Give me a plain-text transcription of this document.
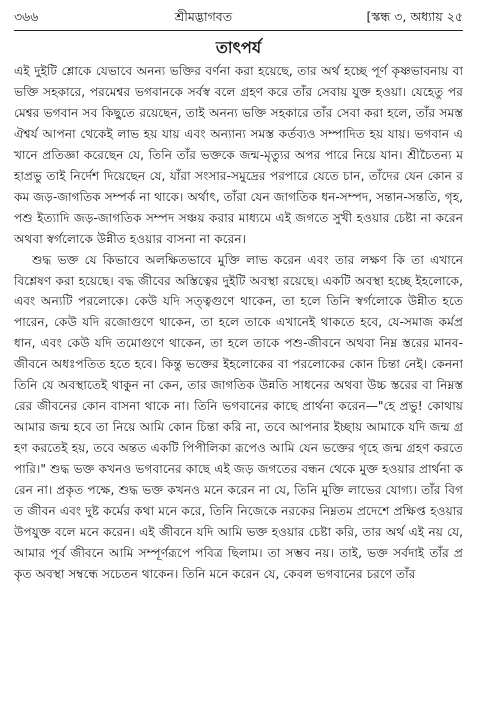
৩৬৬	শ্রীমদ্ভাগবত	[স্কন্ধ ৩, অধ্যায় ২৫
তাৎপর্য

এই দুইটি শ্লোকে যেভাবে অনন্য ভক্তির বর্ণনা করা হয়েছে, তার অর্থ হচ্ছে পূর্ণ কৃষ্ণভাবনায় বা ভক্তি সহকারে, পরমেশ্বর ভগবানকে সর্বস্ব বলে গ্রহণ করে তাঁর সেবায় যুক্ত হওয়া। যেহেতু পরমেশ্বর ভগবান সব কিছুতে রয়েছেন, তাই অনন্য ভক্তি সহকারে তাঁর সেবা করা হলে, তাঁর সমস্ত ঐশ্বর্য আপনা থেকেই লাভ হয় যায় এবং অন্যান্য সমস্ত কর্তব্যও সম্পাদিত হয় যায়। ভগবান এখানে প্রতিজ্ঞা করেছেন যে, তিনি তাঁর ভক্তকে জন্ম-মৃত্যুর অপর পারে নিয়ে যান। শ্রীচৈতন্য মহাপ্রভু তাই নির্দেশ দিয়েছেন যে, যাঁরা সংসার-সমুদ্রের পরপারে যেতে চান, তাঁদের যেন কোন রকম জড়-জাগতিক সম্পর্ক না থাকে। অর্থাৎ, তাঁরা যেন জাগতিক ধন-সম্পদ, সন্তান-সন্ততি, গৃহ, পশু ইত্যাদি জড়-জাগতিক সম্পদ সঞ্চয় করার মাধ্যমে এই জগতে সুখী হওয়ার চেষ্টা না করেন অথবা স্বর্গলোকে উন্নীত হওয়ার বাসনা না করেন।

শুদ্ধ ভক্ত যে কিভাবে অলক্ষিতভাবে মুক্তি লাভ করেন এবং তার লক্ষণ কি তা এখানে বিশ্লেষণ করা হয়েছে। বদ্ধ জীবের অস্তিত্বের দুইটি অবস্থা রয়েছে। একটি অবস্থা হচ্ছে ইহলোকে, এবং অন্যটি পরলোকে। কেউ যদি সত্ত্বগুণে থাকেন, তা হলে তিনি স্বর্গলোকে উন্নীত হতে পারেন, কেউ যদি রজোগুণে থাকেন, তা হলে তাকে এখানেই থাকতে হবে, যে-সমাজ কর্মপ্রধান, এবং কেউ যদি তমোগুণে থাকেন, তা হলে তাকে পশু-জীবনে অথবা নিম্ন স্তরের মানব-জীবনে অধঃপতিত হতে হবে। কিন্তু ভক্তের ইহলোকের বা পরলোকের কোন চিন্তা নেই। কেননা তিনি যে অবস্থাতেই থাকুন না কেন, তার জাগতিক উন্নতি সাধনের অথবা উচ্চ স্তরের বা নিম্নস্তরের জীবনের কোন বাসনা থাকে না। তিনি ভগবানের কাছে প্রার্থনা করেন—"হে প্রভু! কোথায় আমার জন্ম হবে তা নিয়ে আমি কোন চিন্তা করি না, তবে আপনার ইচ্ছায় আমাকে যদি জন্ম গ্রহণ করতেই হয়, তবে অন্তত একটি পিপীলিকা রূপেও আমি যেন ভক্তের গৃহে জন্ম গ্রহণ করতে পারি।" শুদ্ধ ভক্ত কখনও ভগবানের কাছে এই জড় জগতের বন্ধন থেকে মুক্ত হওয়ার প্রার্থনা করেন না। প্রকৃত পক্ষে, শুদ্ধ ভক্ত কখনও মনে করেন না যে, তিনি মুক্তি লাভের যোগ্য। তাঁর বিগত জীবন এবং দুষ্ট কর্মের কথা মনে করে, তিনি নিজেকে নরকের নিম্নতম প্রদেশে প্রক্ষিপ্ত হওয়ার উপযুক্ত বলে মনে করেন। এই জীবনে যদি আমি ভক্ত হওয়ার চেষ্টা করি, তার অর্থ এই নয় যে, আমার পূর্ব জীবনে আমি সম্পূর্ণরূপে পবিত্র ছিলাম। তা সম্ভব নয়। তাই, ভক্ত সর্বদাই তাঁর প্রকৃত অবস্থা সম্বন্ধে সচেতন থাকেন। তিনি মনে করেন যে, কেবল ভগবানের চরণে তাঁর
